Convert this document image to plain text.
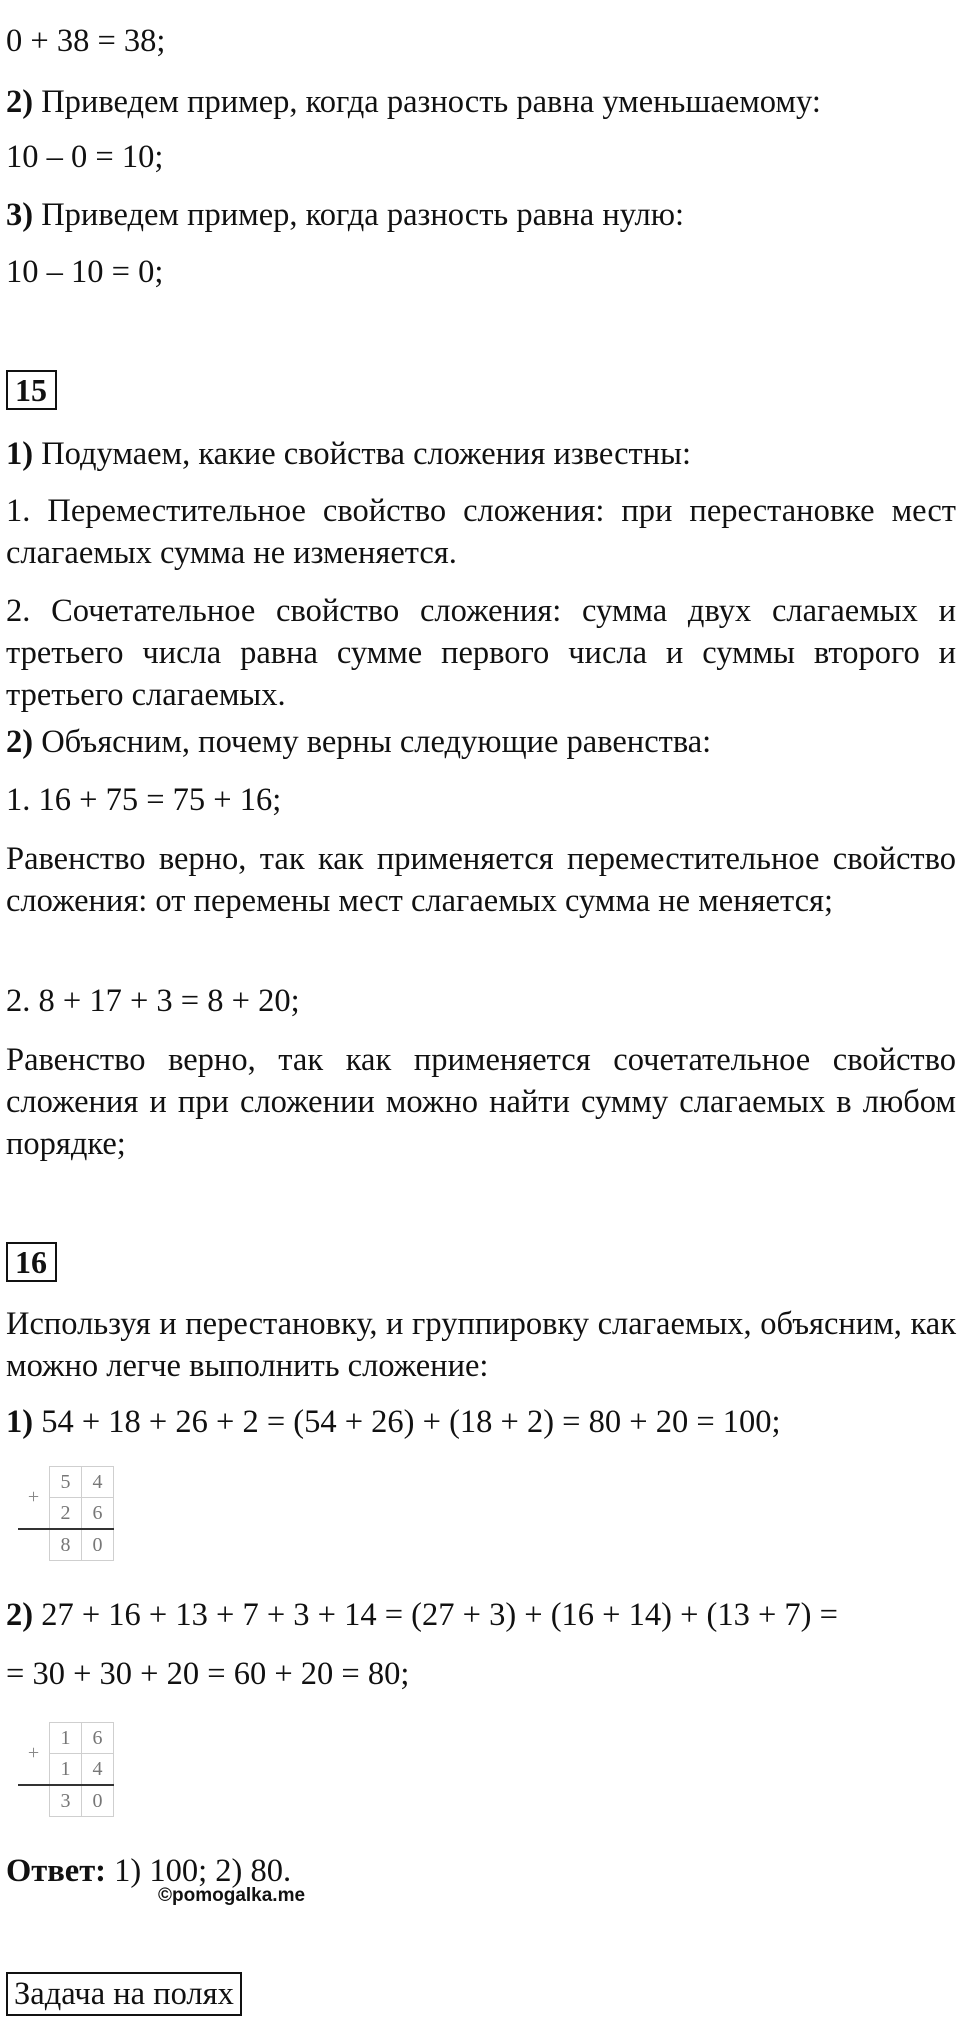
0 + 38 = 38;
2) Приведем пример, когда разность равна уменьшаемому:
10 – 0 = 10;
3) Приведем пример, когда разность равна нулю:
10 – 10 = 0;
15
1) Подумаем, какие свойства сложения известны:
1. Переместительное свойство сложения: при перестановке мест слагаемых сумма не изменяется.
2. Сочетательное свойство сложения: сумма двух слагаемых и третьего числа равна сумме первого числа и суммы второго и третьего слагаемых.
2) Объясним, почему верны следующие равенства:
1. 16 + 75 = 75 + 16;
Равенство верно, так как применяется переместительное свойство сложения: от перемены мест слагаемых сумма не меняется;
2. 8 + 17 + 3 = 8 + 20;
Равенство верно, так как применяется сочетательное свойство сложения и при сложении можно найти сумму слагаемых в любом порядке;
16
Используя и перестановку, и группировку слагаемых, объясним, как можно легче выполнить сложение:
1) 54 + 18 + 26 + 2 = (54 + 26) + (18 + 2) = 80 + 20 = 100;
+	5	4
	2	6
	8	0
2) 27 + 16 + 13 + 7 + 3 + 14 = (27 + 3) + (16 + 14) + (13 + 7) =
= 30 + 30 + 20 = 60 + 20 = 80;
+	1	6
	1	4
	3	0
Ответ: 1) 100; 2) 80.
©pomogalka.me
Задача на полях
